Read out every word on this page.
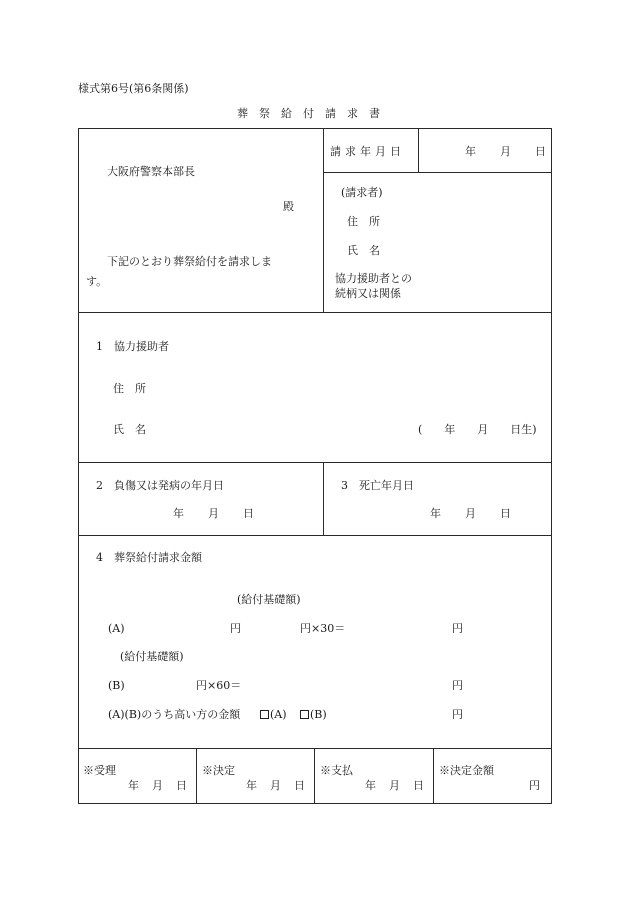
様式第6号(第6条関係)
葬祭給付請求書
大阪府警察本部長
殿
下記のとおり葬祭給付を請求しま
す。
請求年月日	年 月 日
(請求者)
住　所
氏　名
協力援助者との
続柄又は関係
1　協力援助者
住　所
氏　名	(　　年　　月　　日生)
2　負傷又は発病の年月日
年 月 日
3　死亡年月日
年 月 日
4　葬祭給付請求金額
(給付基礎額)
(A)	円	円×30＝	円
(給付基礎額)
(B)	円×60＝	円
(A)(B)のうち高い方の金額	(A)	(B)	円
※受理
年 月 日
※決定
年 月 日
※支払
年 月 日
※決定金額
円
